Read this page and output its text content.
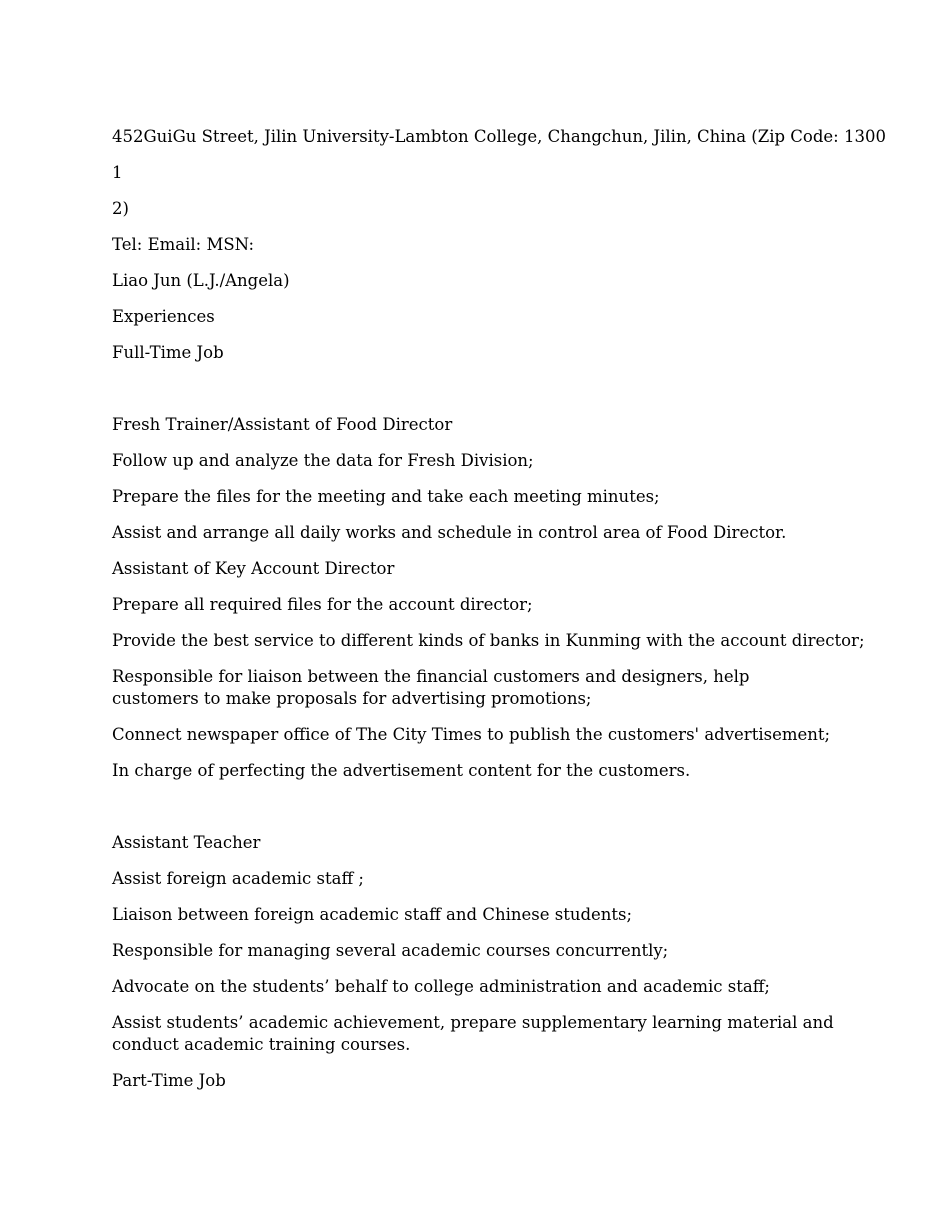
452GuiGu Street, Jilin University-Lambton College, Changchun, Jilin, China (Zip Code: 1300

1

2)

Tel: Email: MSN:

Liao Jun (L.J./Angela)

Experiences

Full-Time Job

Fresh Trainer/Assistant of Food Director

Follow up and analyze the data for Fresh Division;

Prepare the files for the meeting and take each meeting minutes;

Assist and arrange all daily works and schedule in control area of Food Director.

Assistant of Key Account Director

Prepare all required files for the account director;

Provide the best service to different kinds of banks in Kunming with the account director;

Responsible for liaison between the financial customers and designers, help customers to make proposals for advertising promotions;

Connect newspaper office of The City Times to publish the customers' advertisement;

In charge of perfecting the advertisement content for the customers.

Assistant Teacher

Assist foreign academic staff ;

Liaison between foreign academic staff and Chinese students;

Responsible for managing several academic courses concurrently;

Advocate on the students’ behalf to college administration and academic staff;

Assist students’ academic achievement, prepare supplementary learning material and conduct academic training courses.

Part-Time Job
